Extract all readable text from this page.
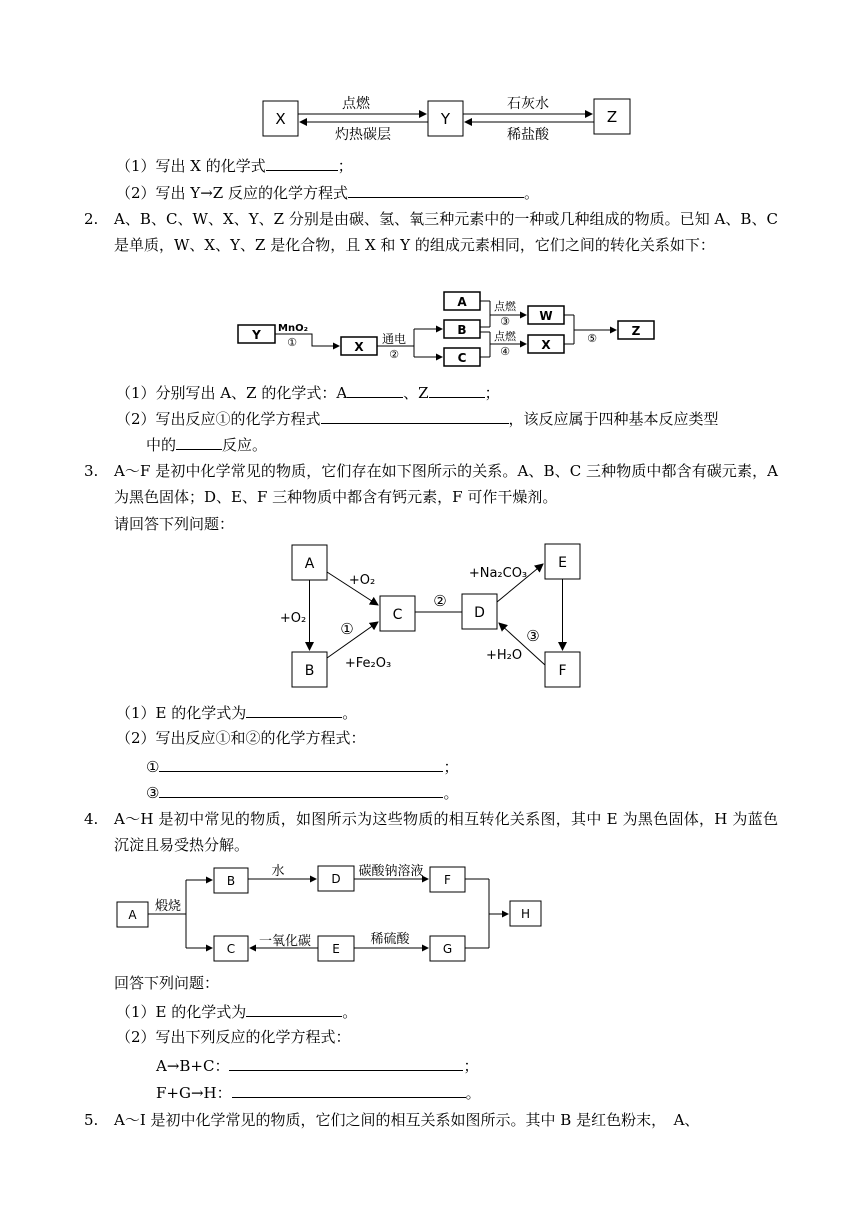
X	Y	Z
点燃
灼热碳层
石灰水
稀盐酸
（1）写出 X 的化学式	；
（2）写出 Y→Z 反应的化学方程式	。
2. A、B、C、W、X、Y、Z 分别是由碳、氢、氧三种元素中的一种或几种组成的物质。已知 A、B、C 是单质，W、X、Y、Z 是化合物，且 X 和 Y 的组成元素相同，它们之间的转化关系如下：
Y
X
A
B
C
W
X
Z
MnO₂
①	通电
②
点燃
③
点燃
④
⑤
（1）分别写出 A、Z 的化学式：A	、Z	；
（2）写出反应①的化学方程式	，该反应属于四种基本反应类型
中的	反应。
3. A～F 是初中化学常见的物质，它们存在如下图所示的关系。A、B、C 三种物质中都含有碳元素，A 为黑色固体；D、E、F 三种物质中都含有钙元素，F 可作干燥剂。
请回答下列问题：
A
B
C	D
E
F
+O₂
+O₂
①
+Fe₂O₃
②
+Na₂CO₃
③
+H₂O
（1）E 的化学式为	。
（2）写出反应①和②的化学方程式：
①	；
③	。
4. A～H 是初中常见的物质，如图所示为这些物质的相互转化关系图，其中 E 为黑色固体，H 为蓝色沉淀且易受热分解。
A
B
C
D
E
F
G
H
煅烧
水	碳酸钠溶液
一氧化碳	稀硫酸
回答下列问题：
（1）E 的化学式为	。
（2）写出下列反应的化学方程式：
A→B+C：	；
F+G→H：	。
5. A～I 是初中化学常见的物质，它们之间的相互关系如图所示。其中 B 是红色粉末，　A、
